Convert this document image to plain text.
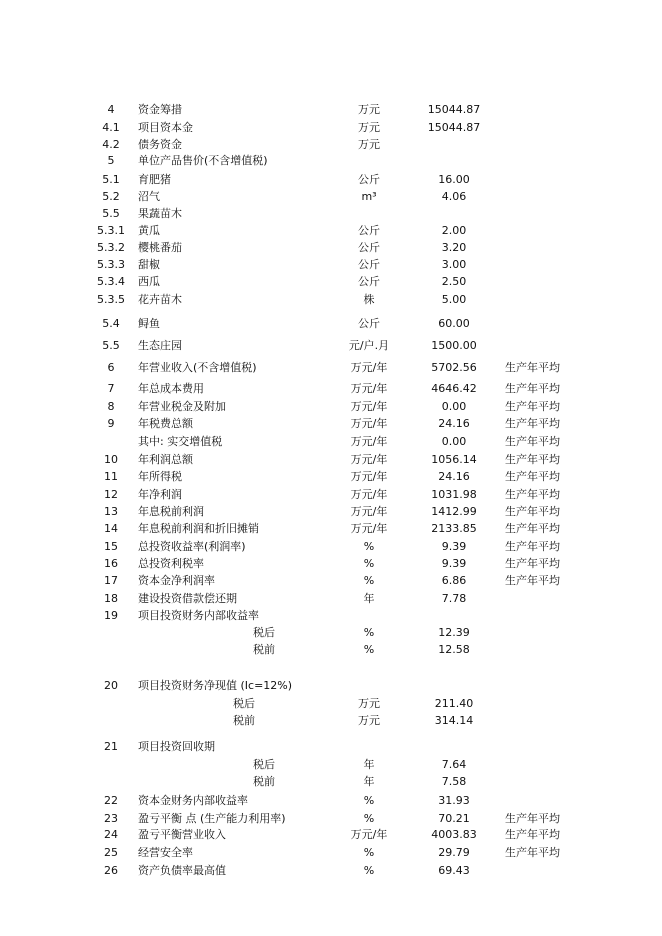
4	资金筹措	万元	15044.87
4.1	项目资本金	万元	15044.87
4.2	债务资金	万元
5	单位产品售价(不含增值税)
5.1	育肥猪	公斤	16.00
5.2	沼气	m³	4.06
5.5	果蔬苗木
5.3.1	黄瓜	公斤	2.00
5.3.2	樱桃番茄	公斤	3.20
5.3.3	甜椒	公斤	3.00
5.3.4	西瓜	公斤	2.50
5.3.5	花卉苗木	株	5.00
5.4	鲟鱼	公斤	60.00
5.5	生态庄园	元/户.月	1500.00
6	年营业收入(不含增值税)	万元/年	5702.56	生产年平均
7	年总成本费用	万元/年	4646.42	生产年平均
8	年营业税金及附加	万元/年	0.00	生产年平均
9	年税费总额	万元/年	24.16	生产年平均
其中: 实交增值税	万元/年	0.00	生产年平均
10	年利润总额	万元/年	1056.14	生产年平均
11	年所得税	万元/年	24.16	生产年平均
12	年净利润	万元/年	1031.98	生产年平均
13	年息税前利润	万元/年	1412.99	生产年平均
14	年息税前利润和折旧摊销	万元/年	2133.85	生产年平均
15	总投资收益率(利润率)	%	9.39	生产年平均
16	总投资利税率	%	9.39	生产年平均
17	资本金净利润率	%	6.86	生产年平均
18	建设投资借款偿还期	年	7.78
19	项目投资财务内部收益率
税后	%	12.39
税前	%	12.58
20	项目投资财务净现值 (Ic=12%)
税后	万元	211.40
税前	万元	314.14
21	项目投资回收期
税后	年	7.64
税前	年	7.58
22	资本金财务内部收益率	%	31.93
23	盈亏平衡 点 (生产能力利用率)	%	70.21	生产年平均
24	盈亏平衡营业收入	万元/年	4003.83	生产年平均
25	经营安全率	%	29.79	生产年平均
26	资产负债率最高值	%	69.43
